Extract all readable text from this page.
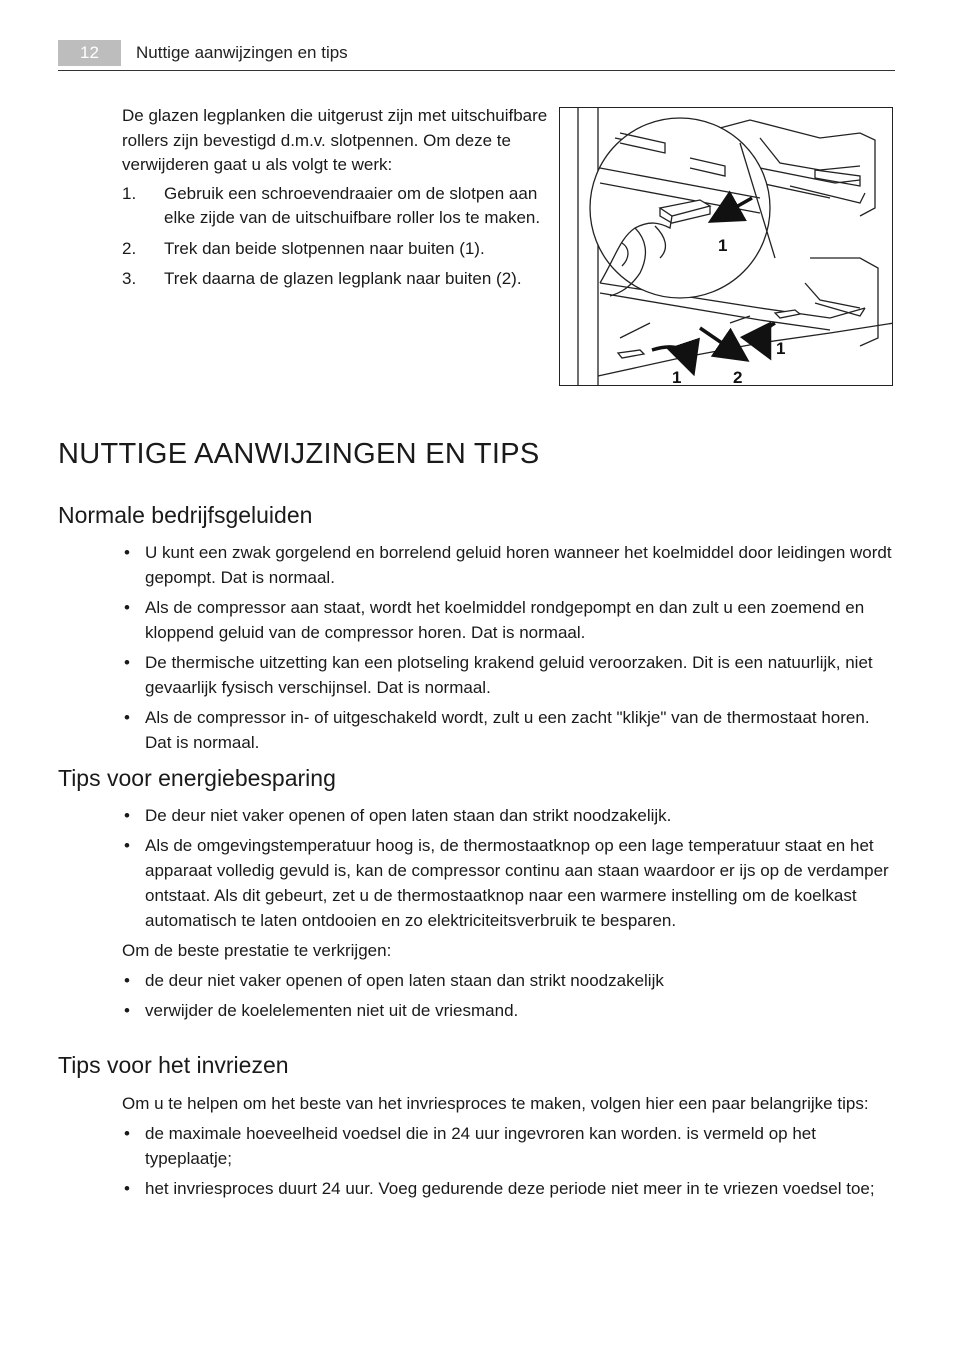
12	Nuttige aanwijzingen en tips

De glazen legplanken die uitgerust zijn met uitschuifbare rollers zijn bevestigd d.m.v. slotpennen. Om deze te verwijderen gaat u als volgt te werk:

1. Gebruik een schroevendraaier om de slotpen aan elke zijde van de uitschuifbare roller los te maken.
2. Trek dan beide slotpennen naar buiten (1).
3. Trek daarna de glazen legplank naar buiten (2).
1
1
1	2
NUTTIGE AANWIJZINGEN EN TIPS
Normale bedrijfsgeluiden
• U kunt een zwak gorgelend en borrelend geluid horen wanneer het koelmiddel door leidingen wordt gepompt. Dat is normaal.
• Als de compressor aan staat, wordt het koelmiddel rondgepompt en dan zult u een zoemend en kloppend geluid van de compressor horen. Dat is normaal.
• De thermische uitzetting kan een plotseling krakend geluid veroorzaken. Dit is een natuurlijk, niet gevaarlijk fysisch verschijnsel. Dat is normaal.
• Als de compressor in- of uitgeschakeld wordt, zult u een zacht "klikje" van de thermostaat horen. Dat is normaal.
Tips voor energiebesparing
• De deur niet vaker openen of open laten staan dan strikt noodzakelijk.
• Als de omgevingstemperatuur hoog is, de thermostaatknop op een lage temperatuur staat en het apparaat volledig gevuld is, kan de compressor continu aan staan waardoor er ijs op de verdamper ontstaat. Als dit gebeurt, zet u de thermostaatknop naar een warmere instelling om de koelkast automatisch te laten ontdooien en zo elektriciteitsverbruik te besparen.

Om de beste prestatie te verkrijgen:

• de deur niet vaker openen of open laten staan dan strikt noodzakelijk
• verwijder de koelelementen niet uit de vriesmand.
Tips voor het invriezen

Om u te helpen om het beste van het invriesproces te maken, volgen hier een paar belangrijke tips:

• de maximale hoeveelheid voedsel die in 24 uur ingevroren kan worden. is vermeld op het typeplaatje;
• het invriesproces duurt 24 uur. Voeg gedurende deze periode niet meer in te vriezen voedsel toe;
